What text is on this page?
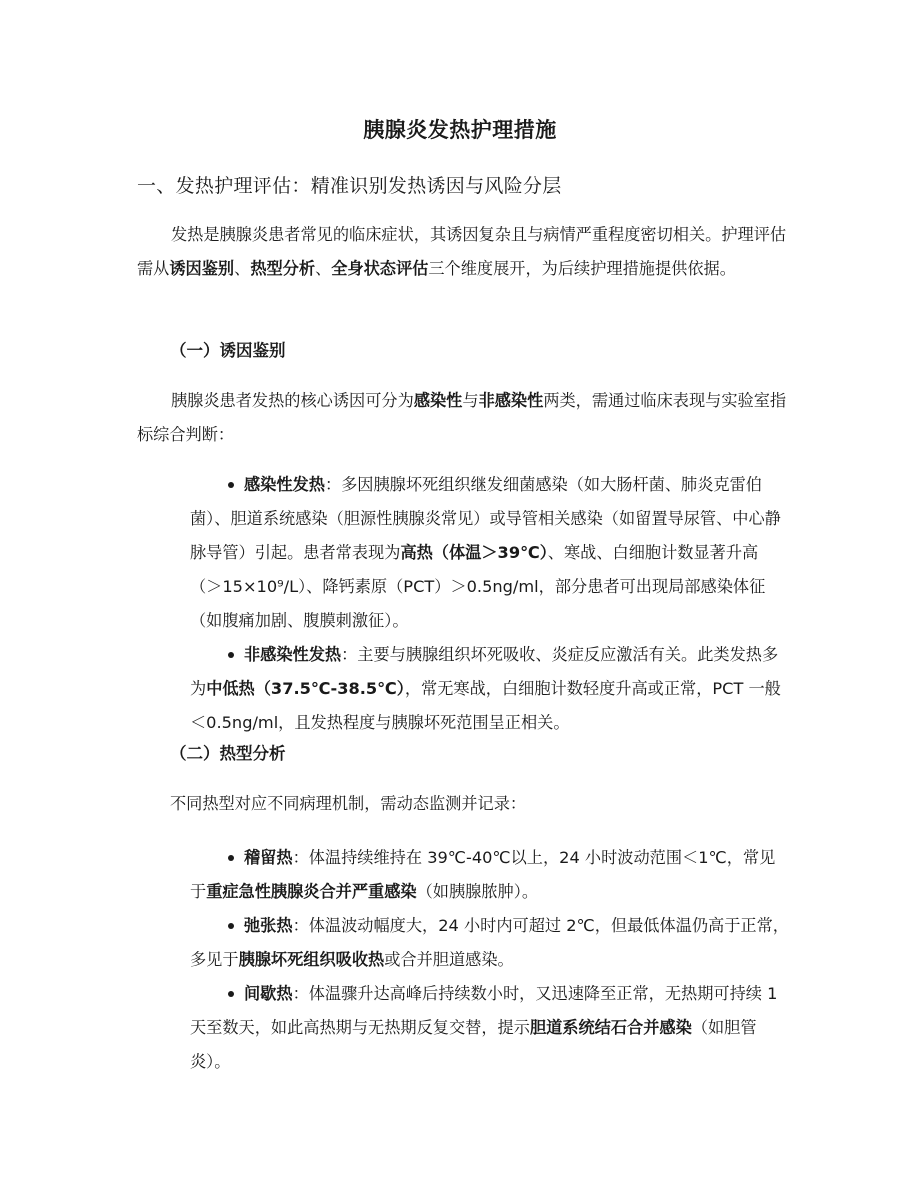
胰腺炎发热护理措施
一、发热护理评估：精准识别发热诱因与风险分层
发热是胰腺炎患者常见的临床症状，其诱因复杂且与病情严重程度密切相关。护理评估需从诱因鉴别、热型分析、全身状态评估三个维度展开，为后续护理措施提供依据。
（一）诱因鉴别
胰腺炎患者发热的核心诱因可分为感染性与非感染性两类，需通过临床表现与实验室指标综合判断：
感染性发热：多因胰腺坏死组织继发细菌感染（如大肠杆菌、肺炎克雷伯菌）、胆道系统感染（胆源性胰腺炎常见）或导管相关感染（如留置导尿管、中心静脉导管）引起。患者常表现为高热（体温＞39℃）、寒战、白细胞计数显著升高（＞15×10⁹/L）、降钙素原（PCT）＞0.5ng/ml，部分患者可出现局部感染体征（如腹痛加剧、腹膜刺激征）。
非感染性发热：主要与胰腺组织坏死吸收、炎症反应激活有关。此类发热多为中低热（37.5℃-38.5℃），常无寒战，白细胞计数轻度升高或正常，PCT 一般＜0.5ng/ml，且发热程度与胰腺坏死范围呈正相关。
（二）热型分析
不同热型对应不同病理机制，需动态监测并记录：
稽留热：体温持续维持在 39℃-40℃以上，24 小时波动范围＜1℃，常见于重症急性胰腺炎合并严重感染（如胰腺脓肿）。
弛张热：体温波动幅度大，24 小时内可超过 2℃，但最低体温仍高于正常，多见于胰腺坏死组织吸收热或合并胆道感染。
间歇热：体温骤升达高峰后持续数小时，又迅速降至正常，无热期可持续 1 天至数天，如此高热期与无热期反复交替，提示胆道系统结石合并感染（如胆管炎）。
